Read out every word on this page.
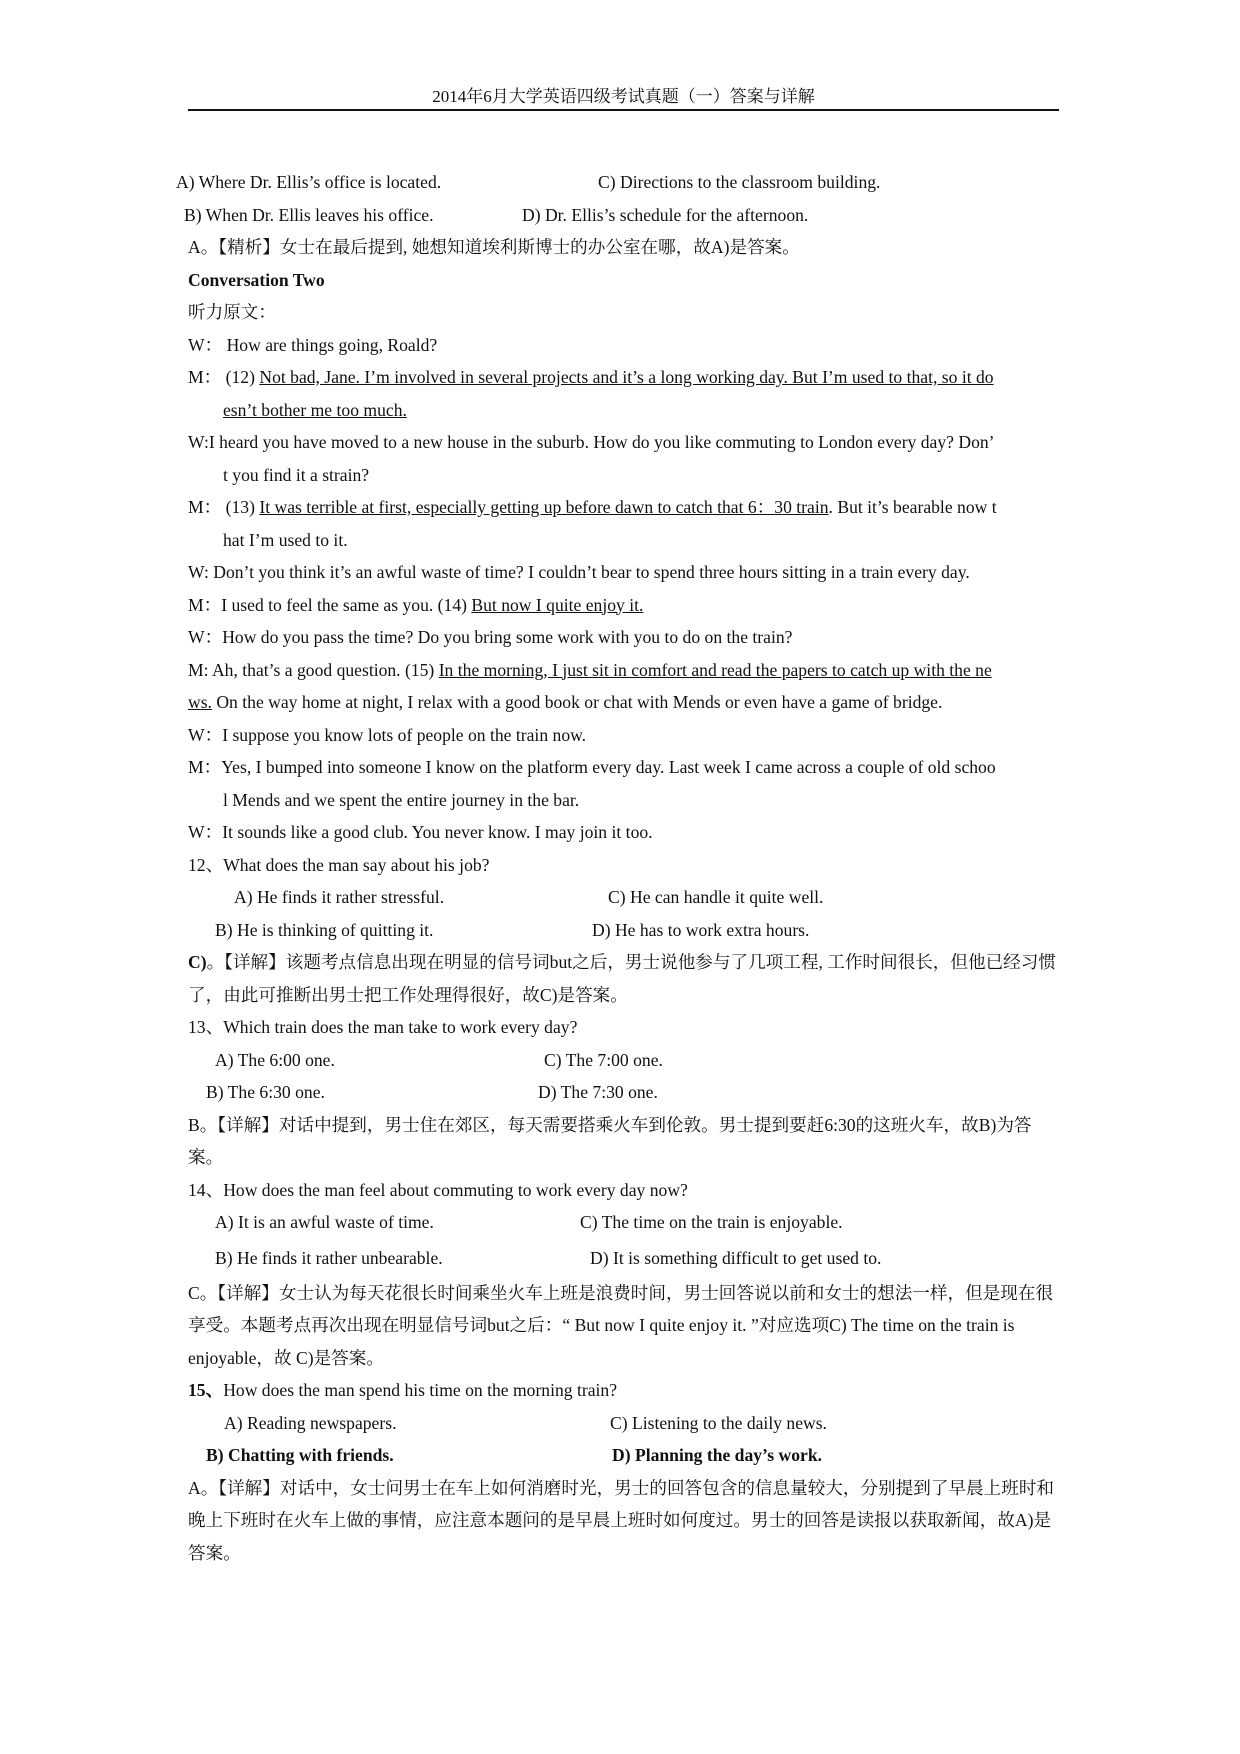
2014年6月大学英语四级考试真题（一）答案与详解
A) Where Dr. Ellis’s office is located.	C) Directions to the classroom building.
B) When Dr. Ellis leaves his office.	D) Dr. Ellis’s schedule for the afternoon.
A。【精析】女士在最后提到, 她想知道埃利斯博士的办公室在哪，故A)是答案。
Conversation Two
听力原文：
W： How are things going, Roald?
M： (12) Not bad, Jane. I’m involved in several projects and it’s a long working day. But I’m used to that, so it do
esn’t bother me too much.
W:I heard you have moved to a new house in the suburb. How do you like commuting to London every day? Don’
t you find it a strain?
M： (13) It was terrible at first, especially getting up before dawn to catch that 6：30 train. But it’s bearable now t
hat I’m used to it.
W: Don’t you think it’s an awful waste of time? I couldn’t bear to spend three hours sitting in a train every day.
M：I used to feel the same as you. (14) But now I quite enjoy it.
W：How do you pass the time? Do you bring some work with you to do on the train?
M: Ah, that’s a good question. (15) In the morning, I just sit in comfort and read the papers to catch up with the ne
ws. On the way home at night, I relax with a good book or chat with Mends or even have a game of bridge.
W：I suppose you know lots of people on the train now.
M：Yes, I bumped into someone I know on the platform every day. Last week I came across a couple of old schoo
l Mends and we spent the entire journey in the bar.
W：It sounds like a good club. You never know. I may join it too.
12、What does the man say about his job?
A) He finds it rather stressful.	C) He can handle it quite well.
B) He is thinking of quitting it.	D) He has to work extra hours.
C)。【详解】该题考点信息出现在明显的信号词but之后，男士说他参与了几项工程, 工作时间很长，但他已经习惯了，由此可推断出男士把工作处理得很好，故C)是答案。
13、Which train does the man take to work every day?
A) The 6:00 one.	C) The 7:00 one.
B) The 6:30 one.	D) The 7:30 one.
B。【详解】对话中提到，男士住在郊区，每天需要搭乘火车到伦敦。男士提到要赶6:30的这班火车，故B)为答案。
14、How does the man feel about commuting to work every day now?
A) It is an awful waste of time.	C) The time on the train is enjoyable.
B) He finds it rather unbearable.	D) It is something difficult to get used to.
C。【详解】女士认为每天花很长时间乘坐火车上班是浪费时间，男士回答说以前和女士的想法一样，但是现在很享受。本题考点再次出现在明显信号词but之后：“ But now I quite enjoy it. ”对应选项C) The time on the train is enjoyable，故 C)是答案。
15、How does the man spend his time on the morning train?
A) Reading newspapers.	C) Listening to the daily news.
B) Chatting with friends.	D) Planning the day’s work.
A。【详解】对话中，女士问男士在车上如何消磨时光，男士的回答包含的信息量较大，分别提到了早晨上班时和晚上下班时在火车上做的事情，应注意本题问的是早晨上班时如何度过。男士的回答是读报以获取新闻，故A)是答案。
